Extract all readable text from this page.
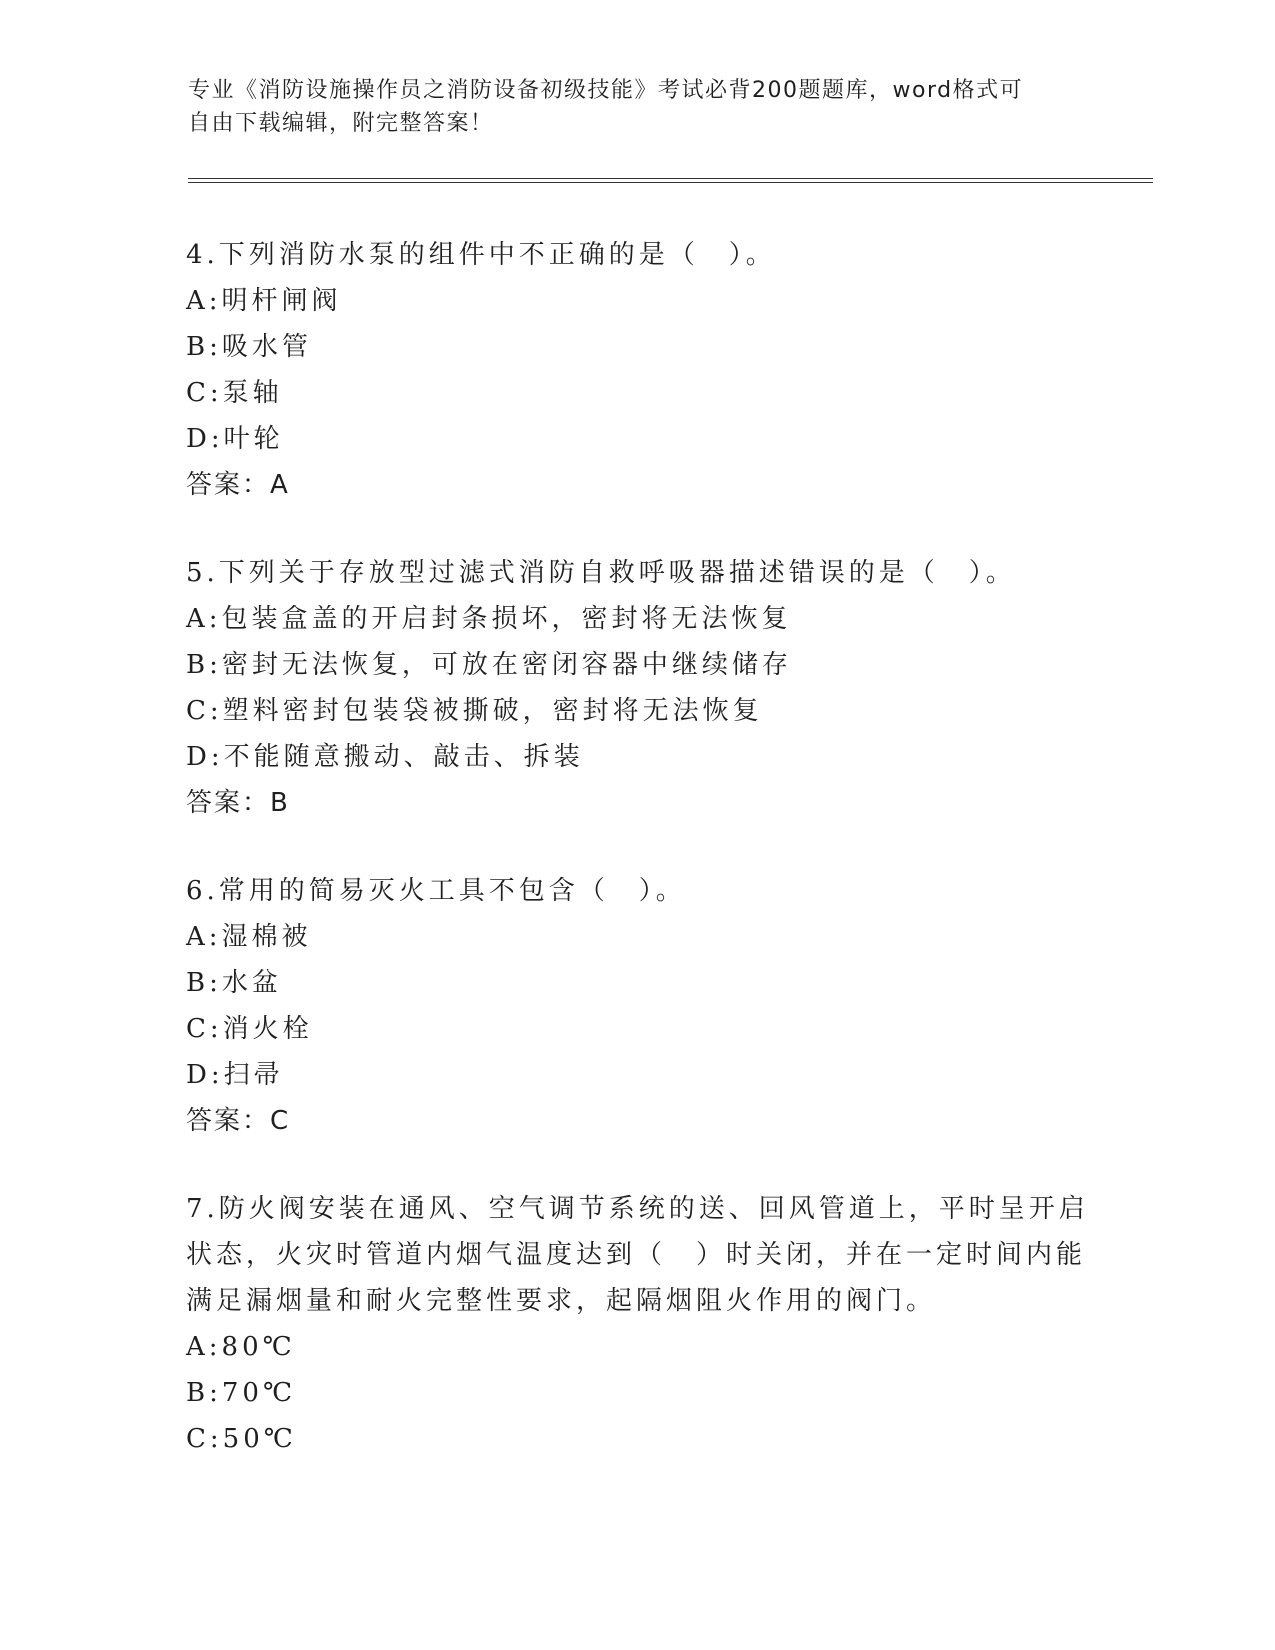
专业《消防设施操作员之消防设备初级技能》考试必背200题题库，word格式可
自由下载编辑，附完整答案！
4.下列消防水泵的组件中不正确的是（　）。
A:明杆闸阀
B:吸水管
C:泵轴
D:叶轮
答案：A
5.下列关于存放型过滤式消防自救呼吸器描述错误的是（　）。
A:包装盒盖的开启封条损坏，密封将无法恢复
B:密封无法恢复，可放在密闭容器中继续储存
C:塑料密封包装袋被撕破，密封将无法恢复
D:不能随意搬动、敲击、拆装
答案：B
6.常用的简易灭火工具不包含（　）。
A:湿棉被
B:水盆
C:消火栓
D:扫帚
答案：C
7.防火阀安装在通风、空气调节系统的送、回风管道上，平时呈开启
状态，火灾时管道内烟气温度达到（　）时关闭，并在一定时间内能
满足漏烟量和耐火完整性要求，起隔烟阻火作用的阀门。
A:80℃
B:70℃
C:50℃
